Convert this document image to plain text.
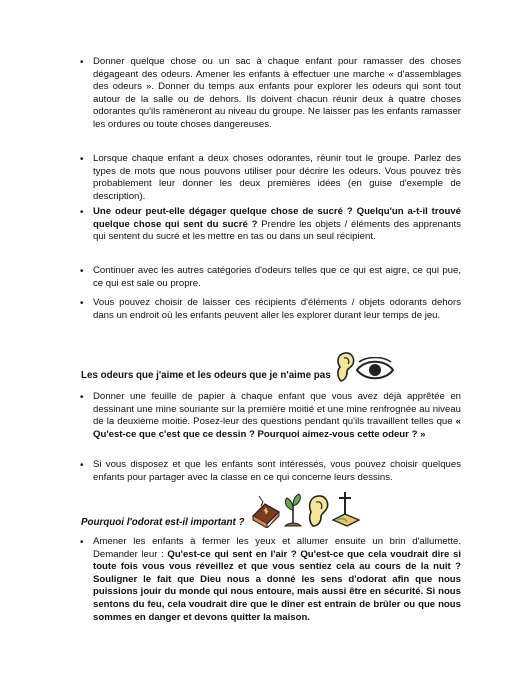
• Donner quelque chose ou un sac à chaque enfant pour ramasser des choses dégageant des odeurs. Amener les enfants à effectuer une marche « d'assemblages des odeurs ». Donner du temps aux enfants pour explorer les odeurs qui sont tout autour de la salle ou de dehors. Ils doivent chacun réunir deux à quatre choses odorantes qu'ils ramèneront au niveau du groupe. Ne laisser pas les enfants ramasser les ordures ou toute choses dangereuses.

• Lorsque chaque enfant a deux choses odorantes, réunir tout le groupe. Parlez des types de mots que nous pouvons utiliser pour décrire les odeurs. Vous pouvez très probablement leur donner les deux premières idées (en guise d'exemple de description).

• Une odeur peut-elle dégager quelque chose de sucré ? Quelqu'un a-t-il trouvé quelque chose qui sent du sucré ? Prendre les objets / éléments des apprenants qui sentent du sucré et les mettre en tas ou dans un seul récipient.

• Continuer avec les autres catégories d'odeurs telles que ce qui est aigre, ce qui pue, ce qui est sale ou propre.

• Vous pouvez choisir de laisser ces récipients d'éléments / objets odorants dehors dans un endroit où les enfants peuvent aller les explorer durant leur temps de jeu.

Les odeurs que j'aime et les odeurs que je n'aime pas

• Donner une feuille de papier à chaque enfant que vous avez déjà apprêtée en dessinant une mine souriante sur la première moitié et une mine renfrognée au niveau de la deuxième moitié. Posez-leur des questions pendant qu'ils travaillent telles que « Qu'est-ce que c'est que ce dessin ? Pourquoi aimez-vous cette odeur ? »

• Si vous disposez et que les enfants sont intéressés, vous pouvez choisir quelques enfants pour partager avec la classe en ce qui concerne leurs dessins.

Pourquoi l'odorat est-il important ?

• Amener les enfants à fermer les yeux et allumer ensuite un brin d'allumette. Demander leur : Qu'est-ce qui sent en l'air ? Qu'est-ce que cela voudrait dire si toute fois vous vous réveillez et que vous sentiez cela au cours de la nuit ? Souligner le fait que Dieu nous a donné les sens d'odorat afin que nous puissions jouir du monde qui nous entoure, mais aussi être en sécurité. Si nous sentons du feu, cela voudrait dire que le dîner est entrain de brûler ou que nous sommes en danger et devons quitter la maison.
